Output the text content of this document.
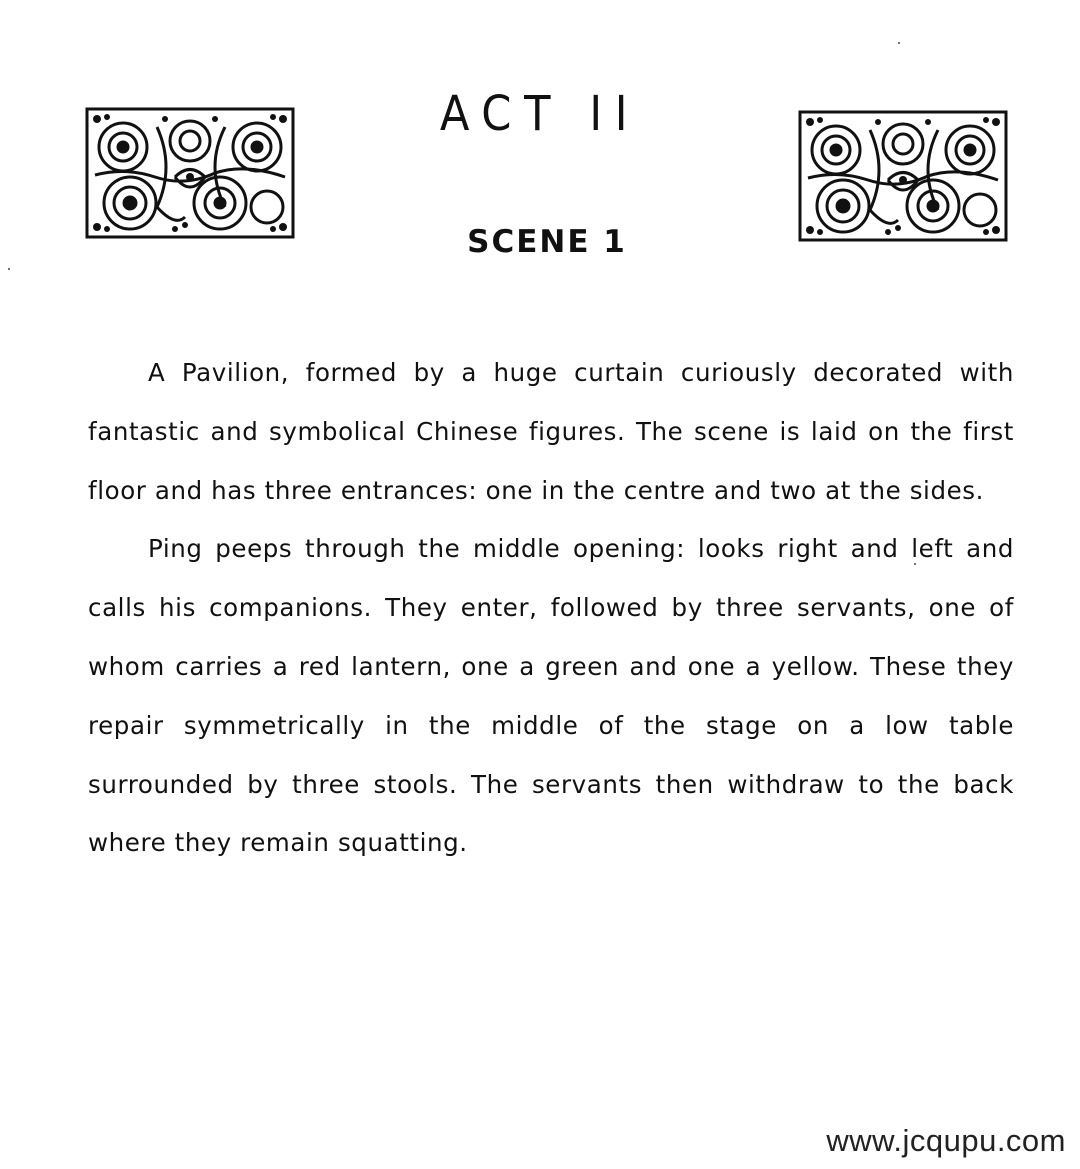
ACT II
SCENE 1

A Pavilion, formed by a huge curtain curiously decorated with fantastic and symbolical Chinese figures. The scene is laid on the first floor and has three entrances: one in the centre and two at the sides.

Ping peeps through the middle opening: looks right and left and calls his companions. They enter, followed by three servants, one of whom carries a red lantern, one a green and one a yellow. These they repair symmetrically in the middle of the stage on a low table surrounded by three stools. The servants then withdraw to the back where they remain squatting.

www.jcqupu.com
